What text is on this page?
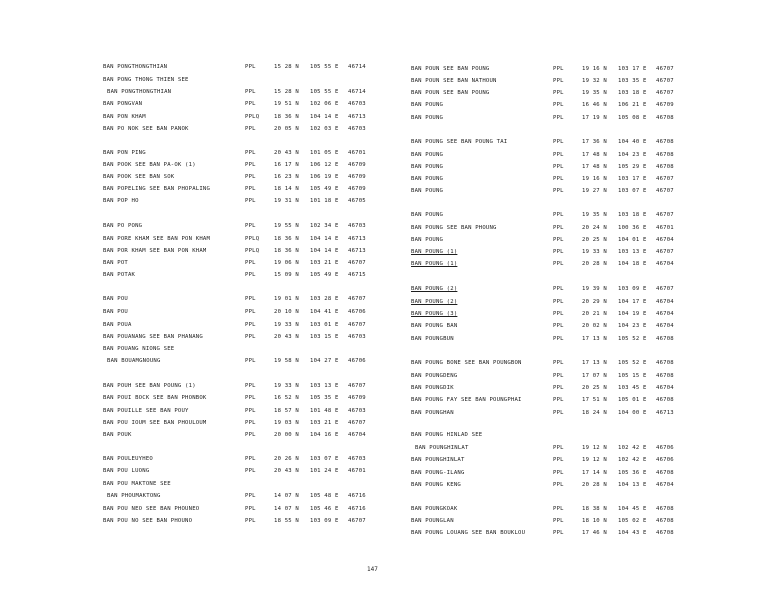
BAN PONGTHONGTHIAN	PPL	15 28 N 105 55 E 46714
BAN PONG THONG THIEN SEE
BAN PONGTHONGTHIAN	PPL	15 28 N 105 55 E 46714
BAN PONGVAN	PPL	19 51 N 102 06 E 46703
BAN PON KHAM	PPLQ	18 36 N 104 14 E 46713
BAN PO NOK SEE BAN PANOK	PPL	20 05 N 102 03 E 46703
BAN PON PING	PPL	20 43 N 101 05 E 46701
BAN POOK SEE BAN PA-OK (1)	PPL	16 17 N 106 12 E 46709
BAN POOK SEE BAN SOK	PPL	16 23 N 106 19 E 46709
BAN POPELING SEE BAN PHOPALING	PPL	18 14 N 105 49 E 46709
BAN POP HO	PPL	19 31 N 101 18 E 46705
BAN PO PONG	PPL	19 55 N 102 34 E 46703
BAN PORE KHAM SEE BAN PON KHAM	PPLQ	18 36 N 104 14 E 46713
BAN POR KHAM SEE BAN PON KHAM	PPLQ	18 36 N 104 14 E 46713
BAN POT	PPL	19 06 N 103 21 E 46707
BAN POTAK	PPL	15 09 N 105 49 E 46715
BAN POU	PPL	19 01 N 103 28 E 46707
BAN POU	PPL	20 10 N 104 41 E 46706
BAN POUA	PPL	19 33 N 103 01 E 46707
BAN POUANANG SEE BAN PHANANG	PPL	20 43 N 103 15 E 46703
BAN POUANG NIONG SEE
BAN BOUAMGNOUNG	PPL	19 58 N 104 27 E 46706
BAN POUH SEE BAN POUNG (1)	PPL	19 33 N 103 13 E 46707
BAN POUI BOCK SEE BAN PHONBOK	PPL	16 52 N 105 35 E 46709
BAN POUILLE SEE BAN POUY	PPL	18 57 N 101 48 E 46703
BAN POU IOUM SEE BAN PHOULOUM	PPL	19 03 N 103 21 E 46707
BAN POUK	PPL	20 00 N 104 16 E 46704
BAN POULEUYHEO	PPL	20 26 N 103 07 E 46703
BAN POU LUONG	PPL	20 43 N 101 24 E 46701
BAN POU MAKTONE SEE
BAN PHOUMAKTONG	PPL	14 07 N 105 48 E 46716
BAN POU NEO SEE BAN PHOUNEO	PPL	14 07 N 105 46 E 46716
BAN POU NO SEE BAN PHOUNO	PPL	18 55 N 103 09 E 46707
BAN POUN SEE BAN POUNG	PPL	19 16 N 103 17 E 46707
BAN POUN SEE BAN NATHOUN	PPL	19 32 N 103 35 E 46707
BAN POUN SEE BAN POUNG	PPL	19 35 N 103 18 E 46707
BAN POUNG	PPL	16 46 N 106 21 E 46709
BAN POUNG	PPL	17 19 N 105 08 E 46708
BAN POUNG SEE BAN POUNG TAI	PPL	17 36 N 104 40 E 46708
BAN POUNG	PPL	17 48 N 104 23 E 46708
BAN POUNG	PPL	17 48 N 105 29 E 46708
BAN POUNG	PPL	19 16 N 103 17 E 46707
BAN POUNG	PPL	19 27 N 103 07 E 46707
BAN POUNG	PPL	19 35 N 103 18 E 46707
BAN POUNG SEE BAN PHOUNG	PPL	20 24 N 100 36 E 46701
BAN POUNG	PPL	20 25 N 104 01 E 46704
BAN POUNG (1)	PPL	19 33 N 103 13 E 46707
BAN POUNG (1)	PPL	20 28 N 104 18 E 46704
BAN POUNG (2)	PPL	19 39 N 103 09 E 46707
BAN POUNG (2)	PPL	20 29 N 104 17 E 46704
BAN POUNG (3)	PPL	20 21 N 104 19 E 46704
BAN POUNG BAN	PPL	20 02 N 104 23 E 46704
BAN POUNGBUN	PPL	17 13 N 105 52 E 46708
BAN POUNG BONE SEE BAN POUNGBON	PPL	17 13 N 105 52 E 46708
BAN POUNGDENG	PPL	17 07 N 105 15 E 46708
BAN POUNGDIK	PPL	20 25 N 103 45 E 46704
BAN POUNG FAY SEE BAN POUNGPHAI	PPL	17 51 N 105 01 E 46708
BAN POUNGHAN	PPL	18 24 N 104 00 E 46713
BAN POUNG HINLAD SEE
BAN POUNGHINLAT	PPL	19 12 N 102 42 E 46706
BAN POUNGHINLAT	PPL	19 12 N 102 42 E 46706
BAN POUNG-ILANG	PPL	17 14 N 105 36 E 46708
BAN POUNG KENG	PPL	20 28 N 104 13 E 46704
BAN POUNGKOAK	PPL	18 38 N 104 45 E 46708
BAN POUNGLAN	PPL	18 10 N 105 02 E 46708
BAN POUNG LOUANG SEE BAN BOUKLOU	PPL	17 46 N 104 43 E 46708
147
